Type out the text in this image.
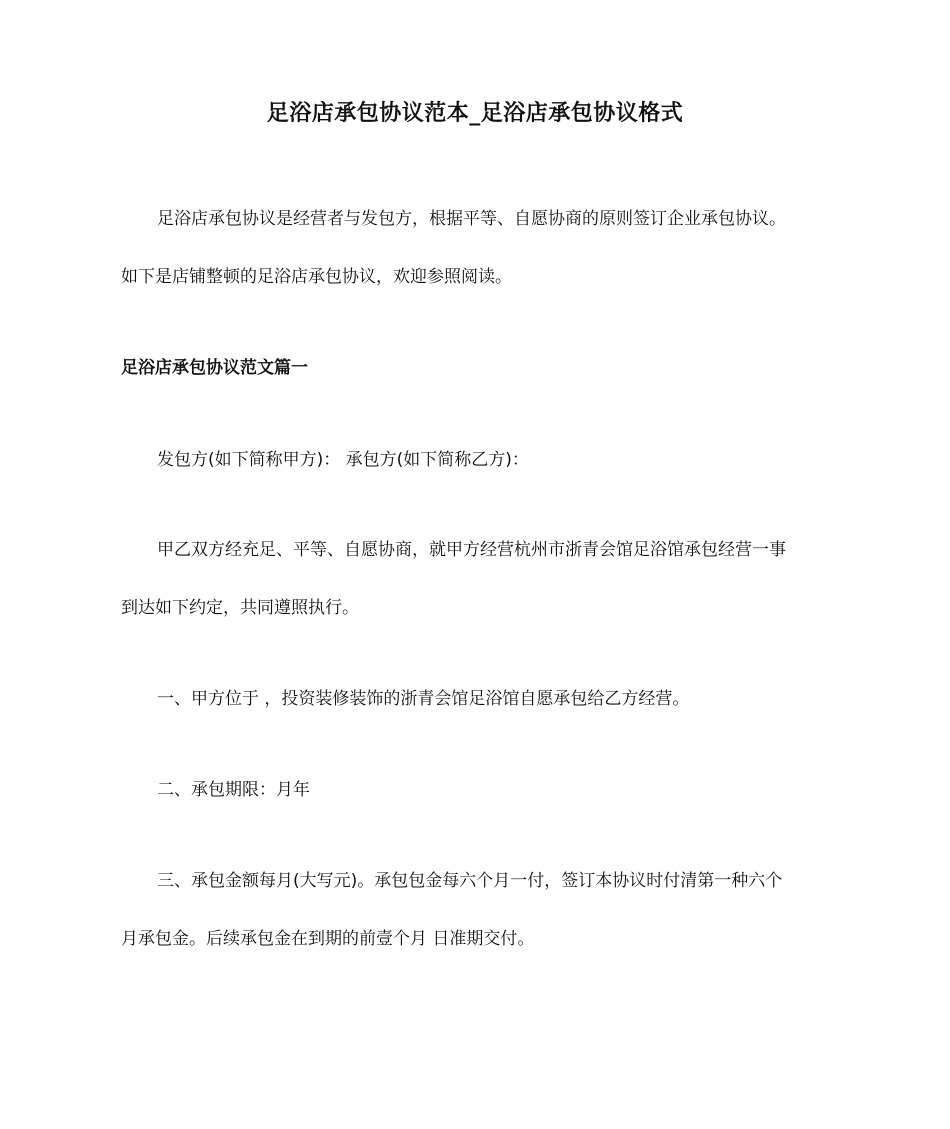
足浴店承包协议范本_足浴店承包协议格式
足浴店承包协议是经营者与发包方，根据平等、自愿协商的原则签订企业承包协议。
如下是店铺整顿的足浴店承包协议，欢迎参照阅读。
足浴店承包协议范文篇一
发包方(如下简称甲方)： 承包方(如下简称乙方)：
甲乙双方经充足、平等、自愿协商，就甲方经营杭州市浙青会馆足浴馆承包经营一事
到达如下约定，共同遵照执行。
一、甲方位于 ，投资装修装饰的浙青会馆足浴馆自愿承包给乙方经营。
二、承包期限：月年
三、承包金额每月(大写元)。承包包金每六个月一付，签订本协议时付清第一种六个
月承包金。后续承包金在到期的前壹个月 日准期交付。
